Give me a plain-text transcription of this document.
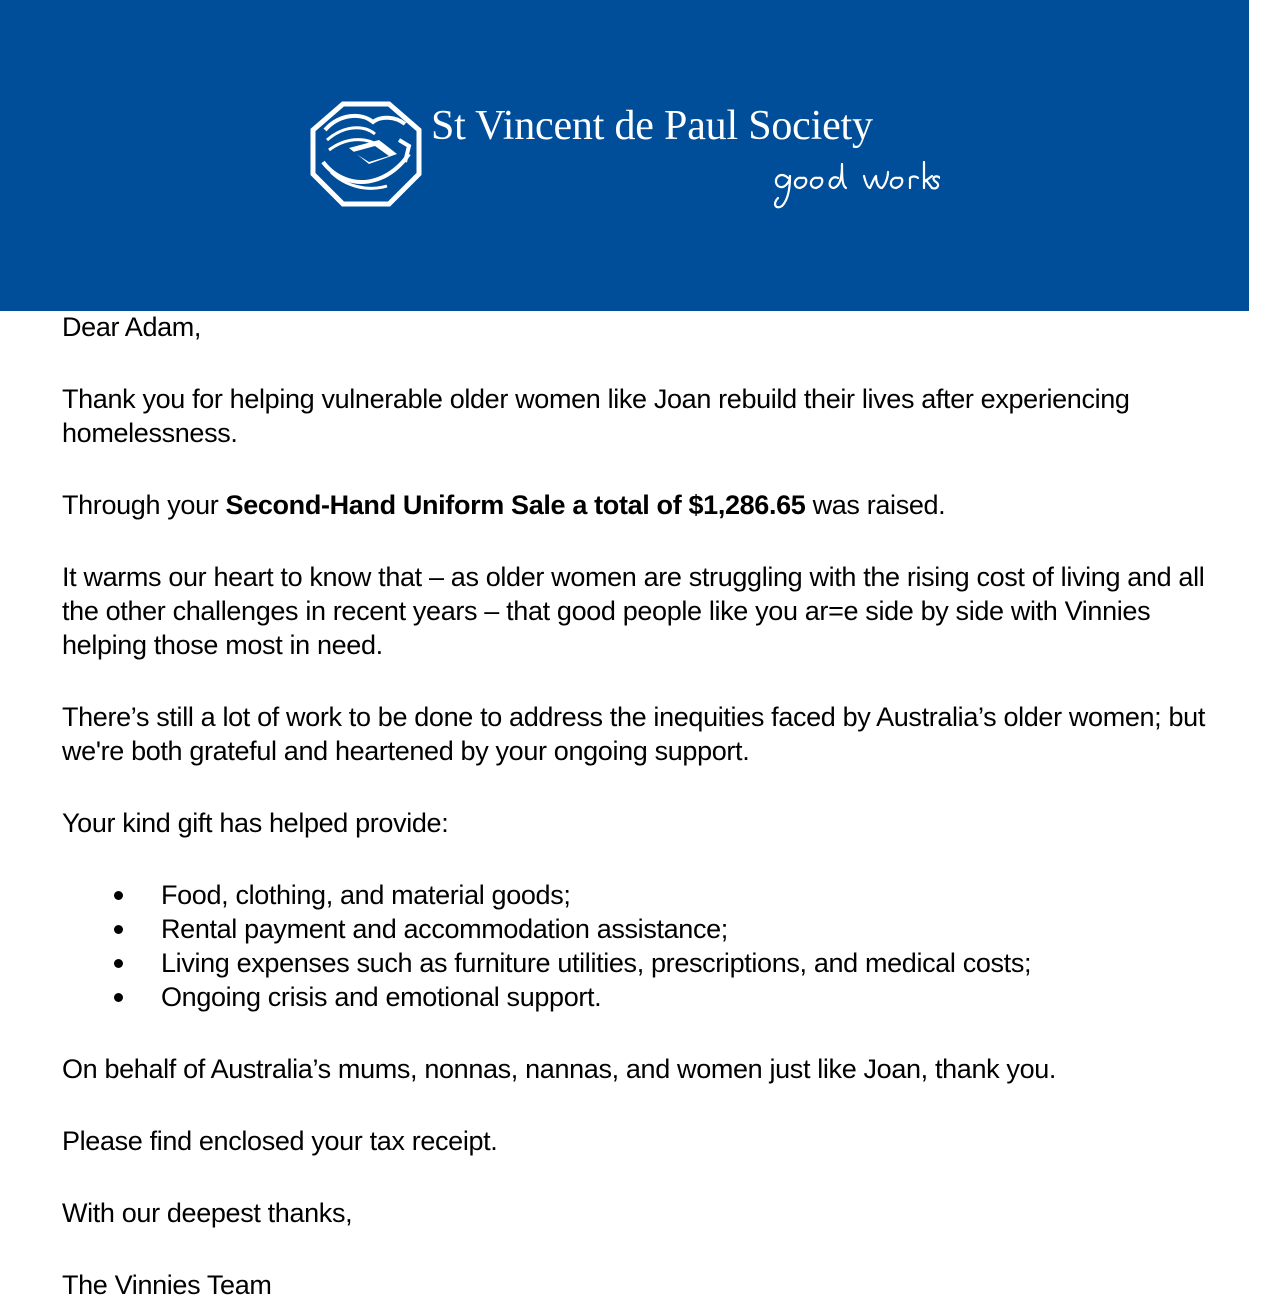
St Vincent de Paul Society

Dear Adam,

Thank you for helping vulnerable older women like Joan rebuild their lives after experiencing homelessness.

Through your Second-Hand Uniform Sale a total of $1,286.65 was raised.

It warms our heart to know that – as older women are struggling with the rising cost of living and all the other challenges in recent years – that good people like you ar=e side by side with Vinnies helping those most in need.

There’s still a lot of work to be done to address the inequities faced by Australia’s older women; but we're both grateful and heartened by your ongoing support.

Your kind gift has helped provide:

Food, clothing, and material goods;
Rental payment and accommodation assistance;
Living expenses such as furniture utilities, prescriptions, and medical costs;
Ongoing crisis and emotional support.

On behalf of Australia’s mums, nonnas, nannas, and women just like Joan, thank you.

Please find enclosed your tax receipt.

With our deepest thanks,

The Vinnies Team
